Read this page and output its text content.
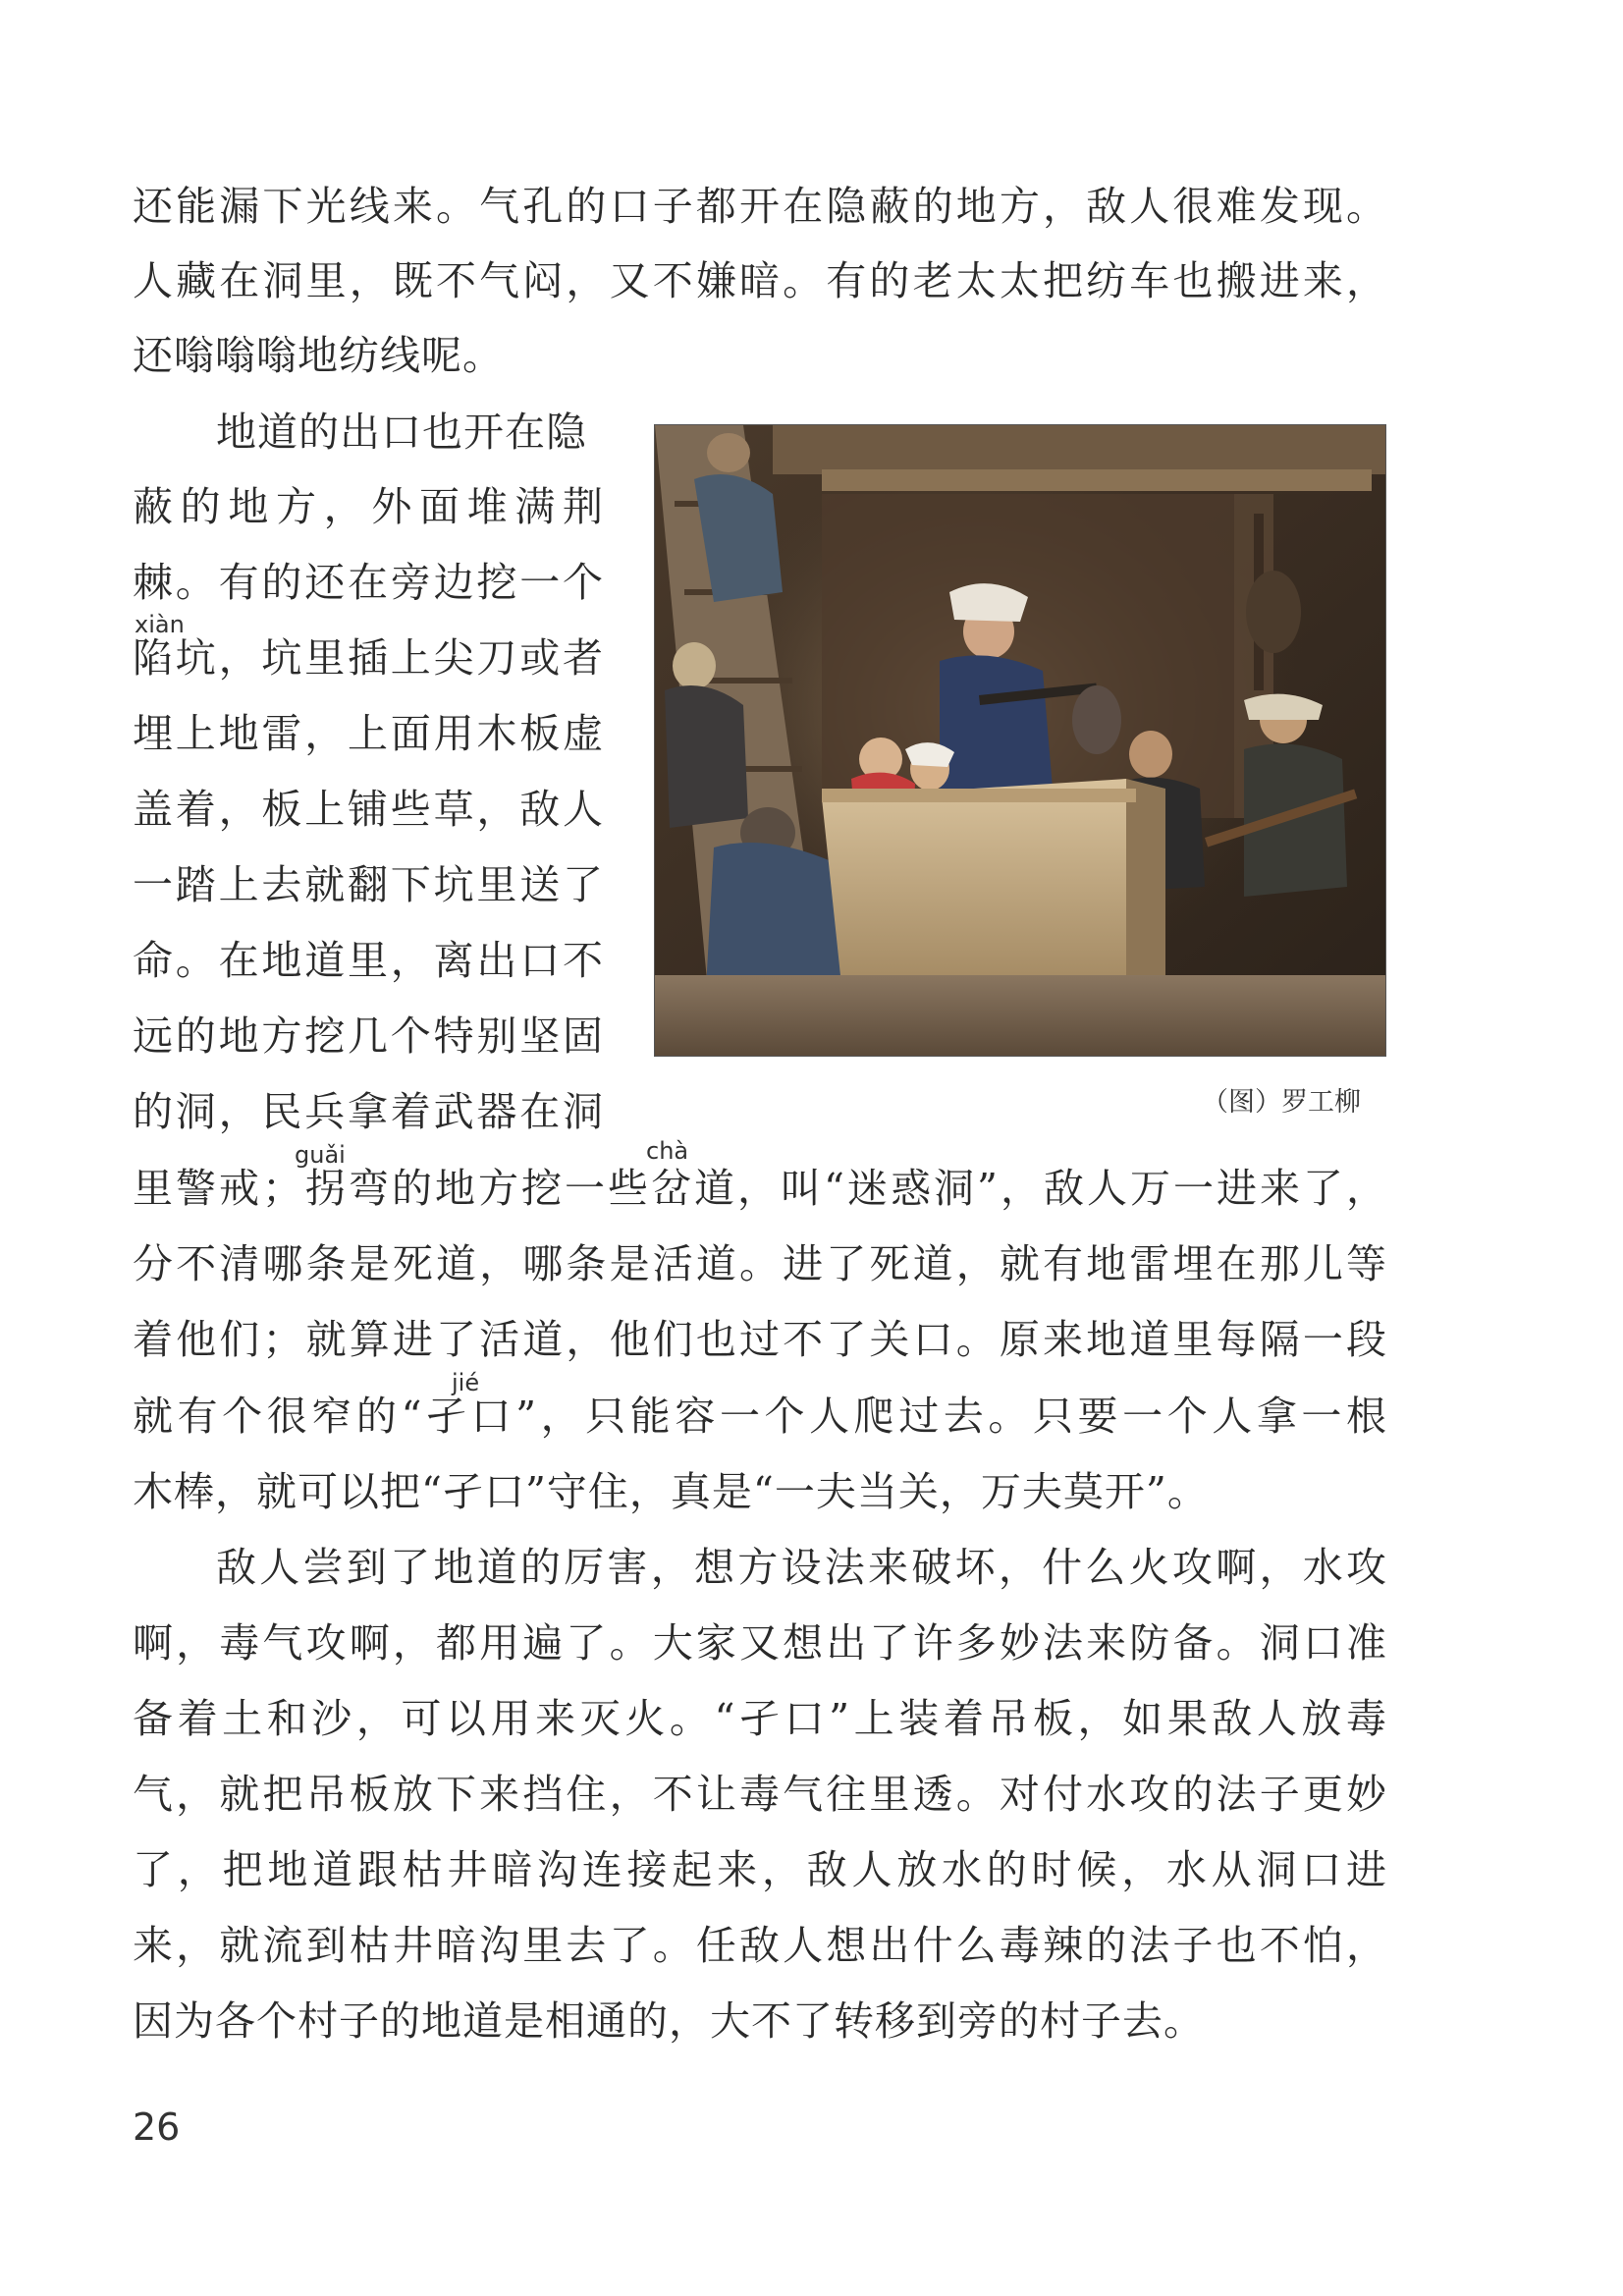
还能漏下光线来。气孔的口子都开在隐蔽的地方，敌人很难发现。
人藏在洞里，既不气闷，又不嫌暗。有的老太太把纺车也搬进来，
还嗡嗡嗡地纺线呢。
地道的出口也开在隐
蔽的地方，外面堆满荆
棘。有的还在旁边挖一个
xiàn
陷坑，坑里插上尖刀或者
埋上地雷，上面用木板虚
盖着，板上铺些草，敌人
一踏上去就翻下坑里送了
命。在地道里，离出口不
远的地方挖几个特别坚固
的洞，民兵拿着武器在洞	（图）罗工柳
guǎi	chà
里警戒；拐弯的地方挖一些岔道，叫“迷惑洞”，敌人万一进来了，
分不清哪条是死道，哪条是活道。进了死道，就有地雷埋在那儿等
着他们；就算进了活道，他们也过不了关口。原来地道里每隔一段
jié
就有个很窄的“孑口”，只能容一个人爬过去。只要一个人拿一根
木棒，就可以把“孑口”守住，真是“一夫当关，万夫莫开”。
敌人尝到了地道的厉害，想方设法来破坏，什么火攻啊，水攻
啊，毒气攻啊，都用遍了。大家又想出了许多妙法来防备。洞口准
备着土和沙，可以用来灭火。“孑口”上装着吊板，如果敌人放毒
气，就把吊板放下来挡住，不让毒气往里透。对付水攻的法子更妙
了，把地道跟枯井暗沟连接起来，敌人放水的时候，水从洞口进
来，就流到枯井暗沟里去了。任敌人想出什么毒辣的法子也不怕，
因为各个村子的地道是相通的，大不了转移到旁的村子去。
26
